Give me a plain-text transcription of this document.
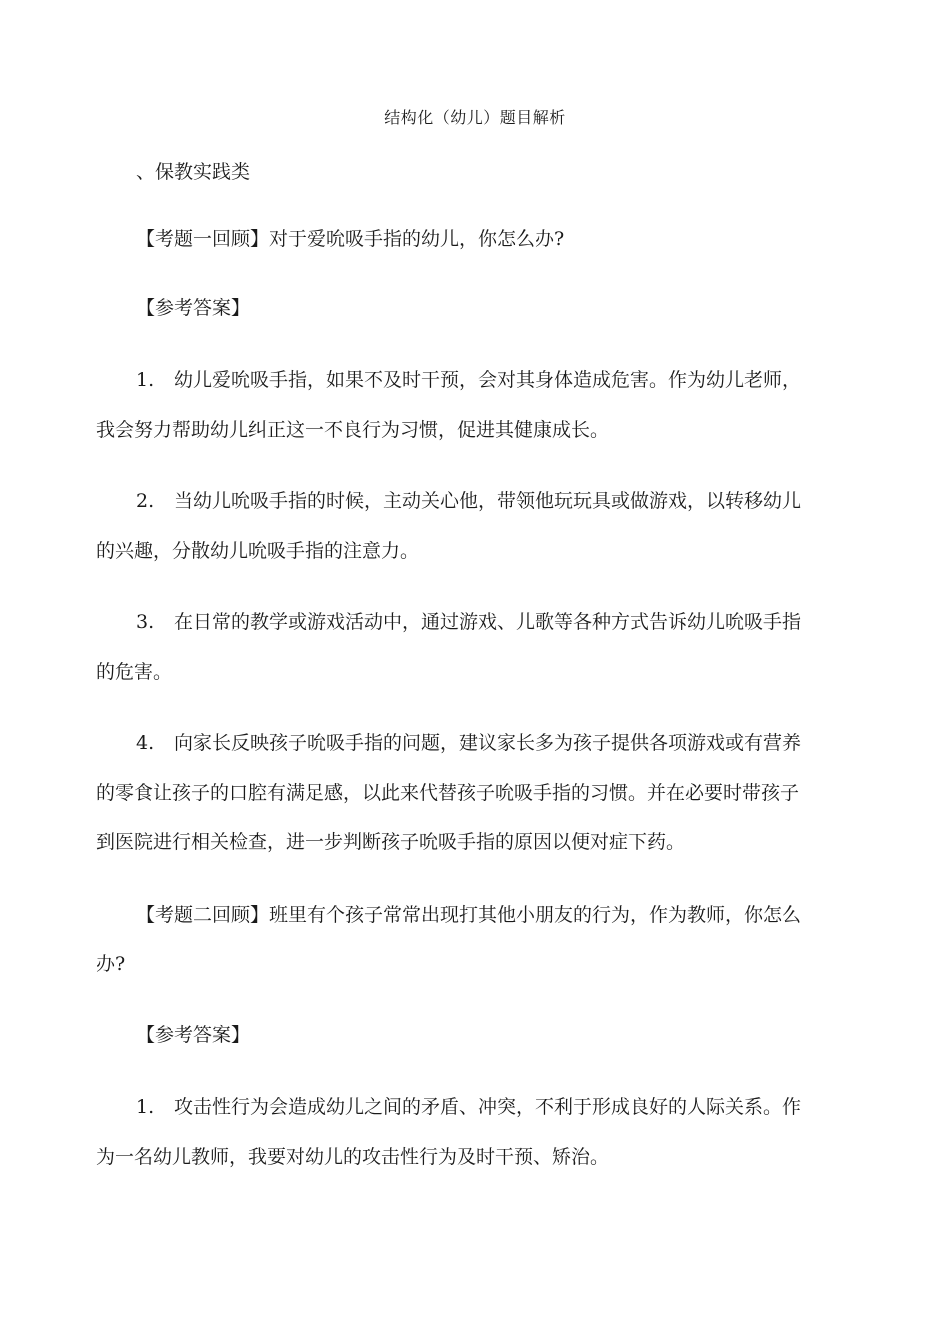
结构化（幼儿）题目解析
、保教实践类
【考题一回顾】对于爱吮吸手指的幼儿，你怎么办?
【参考答案】
1. 幼儿爱吮吸手指，如果不及时干预，会对其身体造成危害。作为幼儿老师，
我会努力帮助幼儿纠正这一不良行为习惯，促进其健康成长。
2. 当幼儿吮吸手指的时候，主动关心他，带领他玩玩具或做游戏，以转移幼儿
的兴趣，分散幼儿吮吸手指的注意力。
3. 在日常的教学或游戏活动中，通过游戏、儿歌等各种方式告诉幼儿吮吸手指
的危害。
4. 向家长反映孩子吮吸手指的问题，建议家长多为孩子提供各项游戏或有营养
的零食让孩子的口腔有满足感，以此来代替孩子吮吸手指的习惯。并在必要时带孩子
到医院进行相关检查，进一步判断孩子吮吸手指的原因以便对症下药。
【考题二回顾】班里有个孩子常常出现打其他小朋友的行为，作为教师，你怎么
办?
【参考答案】
1. 攻击性行为会造成幼儿之间的矛盾、冲突，不利于形成良好的人际关系。作
为一名幼儿教师，我要对幼儿的攻击性行为及时干预、矫治。
